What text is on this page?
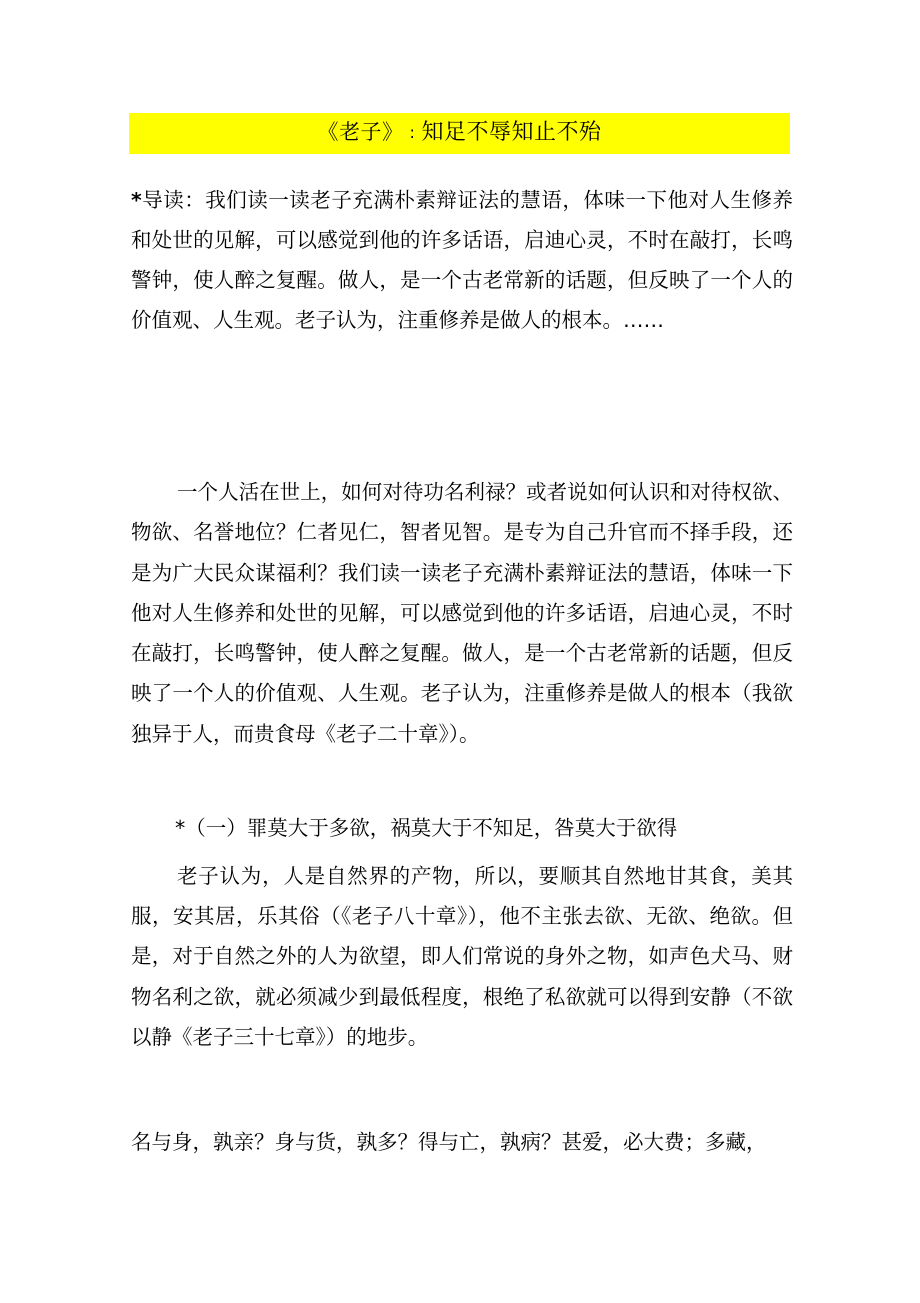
《老子》 : 知足不辱知止不殆

*导读：我们读一读老子充满朴素辩证法的慧语，体味一下他对人生修养和处世的见解，可以感觉到他的许多话语，启迪心灵，不时在敲打，长鸣警钟，使人醉之复醒。做人，是一个古老常新的话题，但反映了一个人的价值观、人生观。老子认为，注重修养是做人的根本。……

一个人活在世上，如何对待功名利禄？或者说如何认识和对待权欲、物欲、名誉地位？仁者见仁，智者见智。是专为自己升官而不择手段，还是为广大民众谋福利？我们读一读老子充满朴素辩证法的慧语，体味一下他对人生修养和处世的见解，可以感觉到他的许多话语，启迪心灵，不时在敲打，长鸣警钟，使人醉之复醒。做人，是一个古老常新的话题，但反映了一个人的价值观、人生观。老子认为，注重修养是做人的根本（我欲独异于人，而贵食母《老子二十章》）。

*（一）罪莫大于多欲，祸莫大于不知足，咎莫大于欲得

老子认为，人是自然界的产物，所以，要顺其自然地甘其食，美其服，安其居，乐其俗（《老子八十章》），他不主张去欲、无欲、绝欲。但是，对于自然之外的人为欲望，即人们常说的身外之物，如声色犬马、财物名利之欲，就必须减少到最低程度，根绝了私欲就可以得到安静（不欲以静《老子三十七章》）的地步。

名与身，孰亲？身与货，孰多？得与亡，孰病？甚爱，必大费；多藏，
